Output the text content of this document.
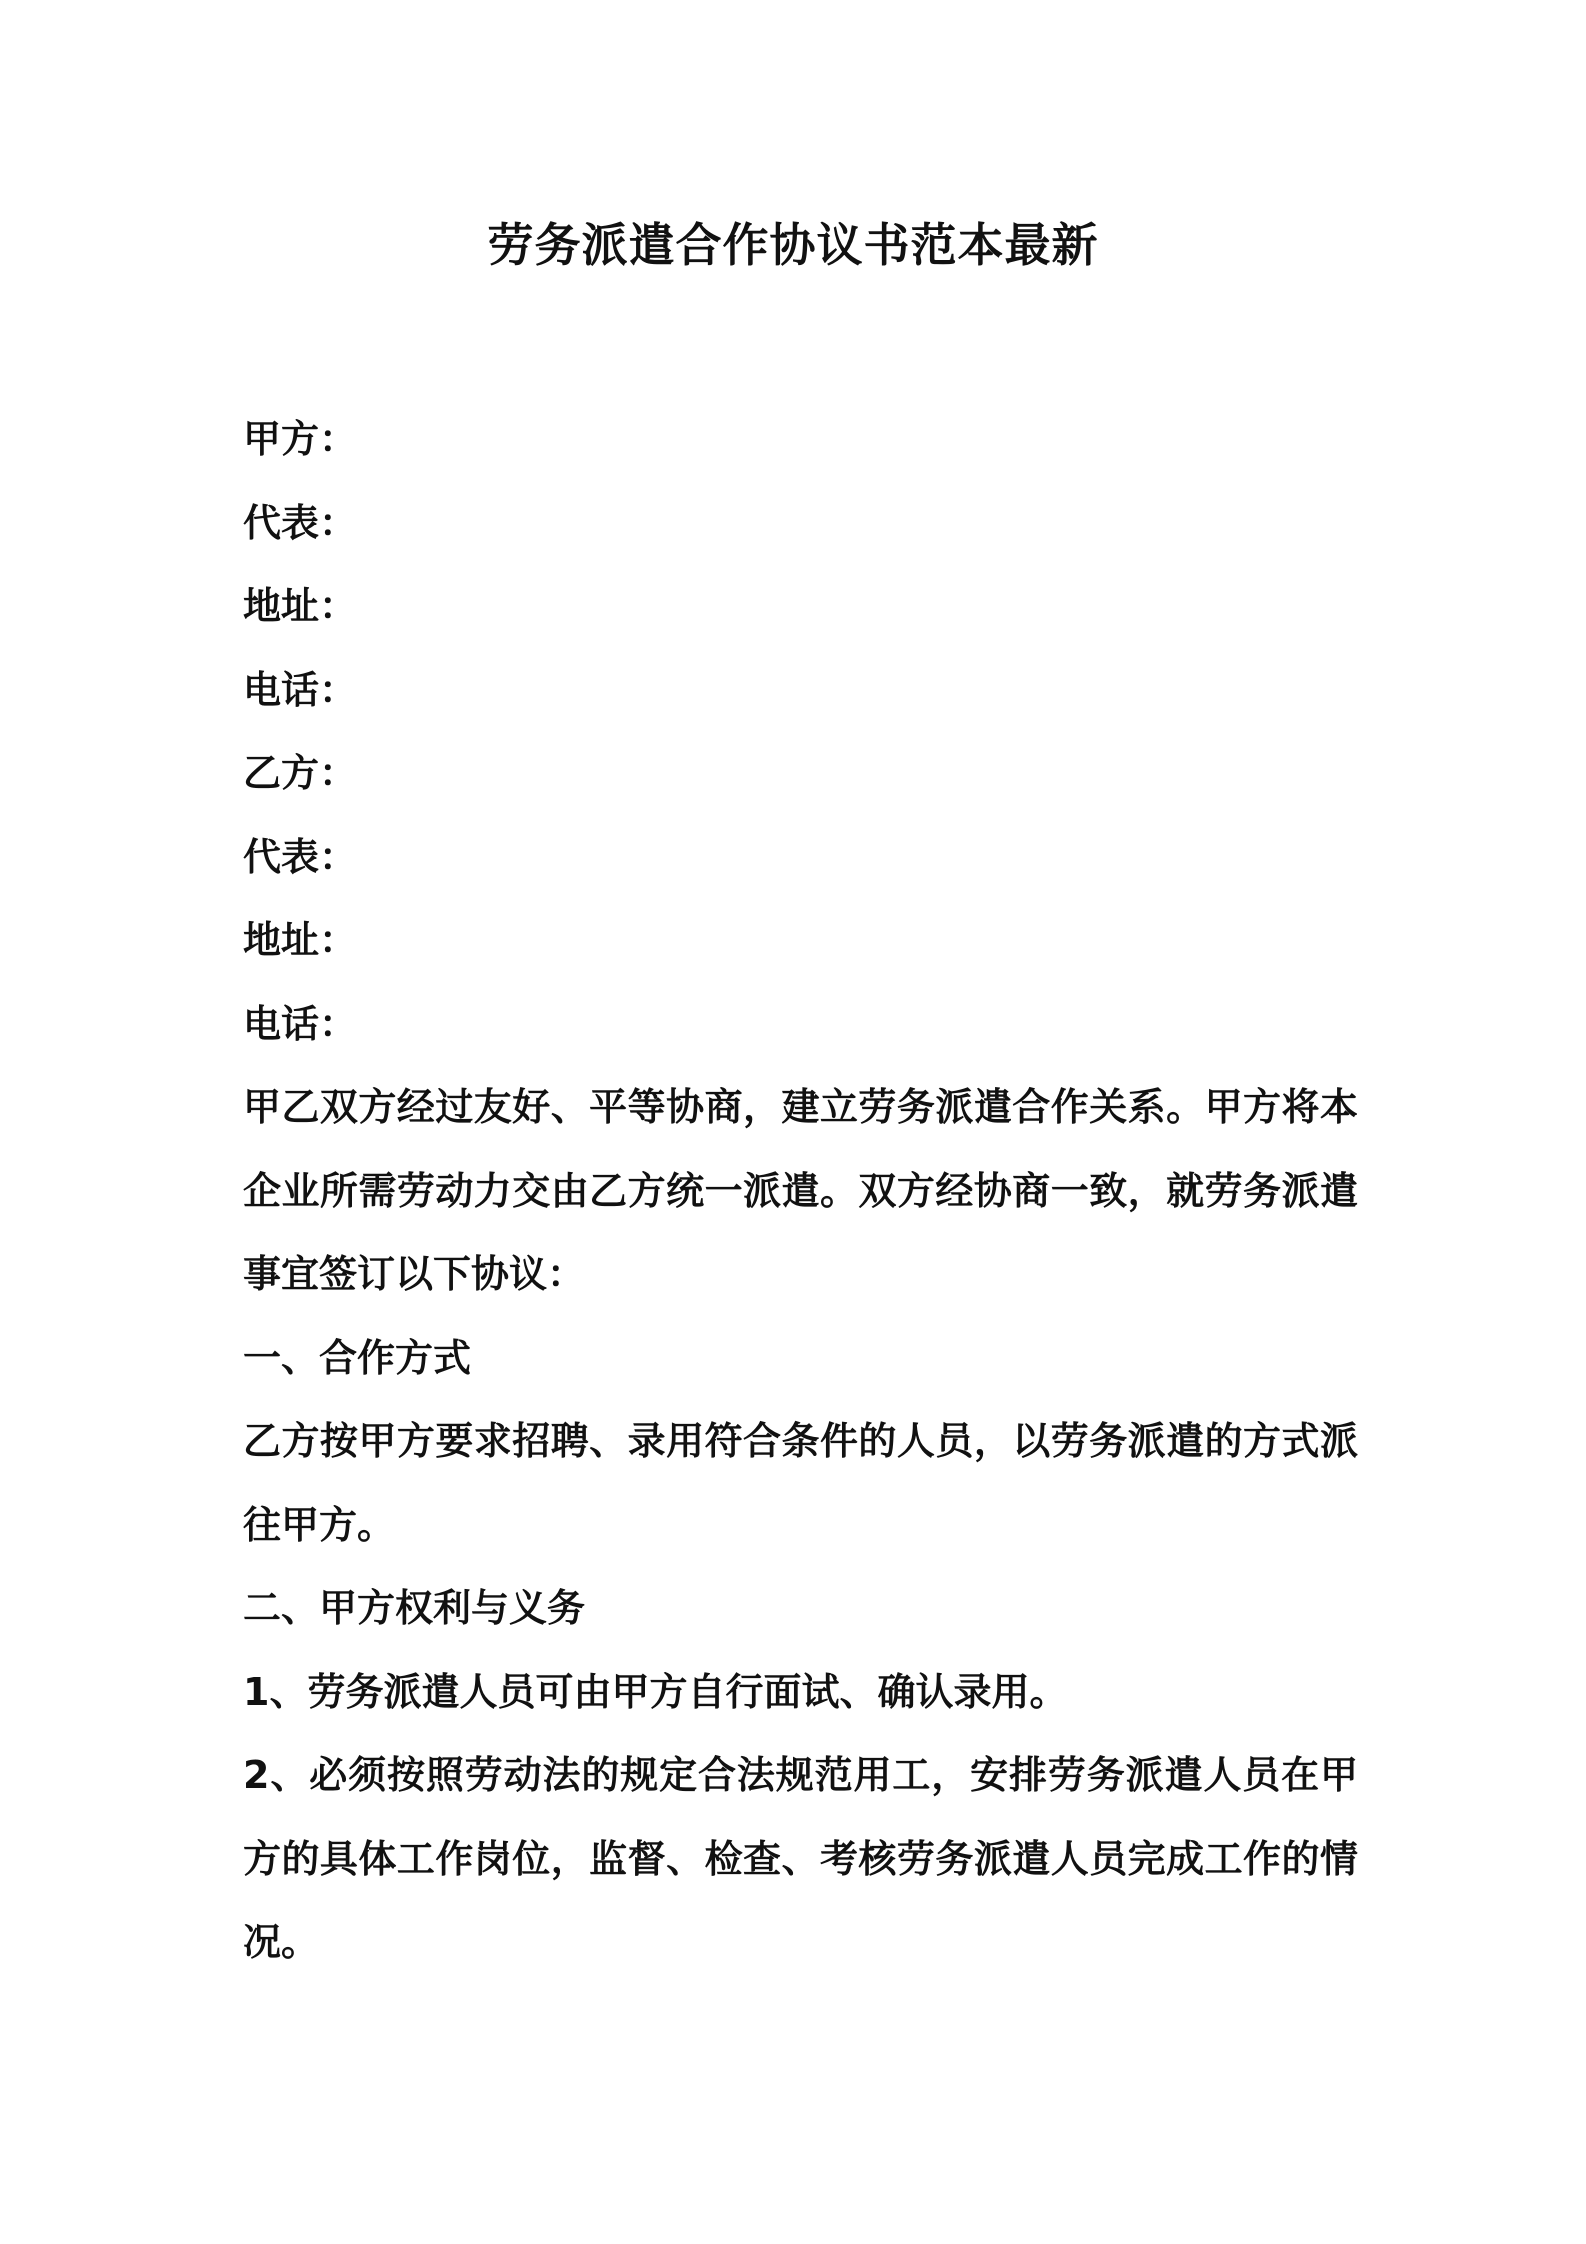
劳务派遣合作协议书范本最新

甲方：

代表：

地址：

电话：

乙方：

代表：

地址：

电话：

甲乙双方经过友好、平等协商，建立劳务派遣合作关系。甲方将本企业所需劳动力交由乙方统一派遣。双方经协商一致，就劳务派遣事宜签订以下协议：

一、合作方式

乙方按甲方要求招聘、录用符合条件的人员，以劳务派遣的方式派往甲方。

二、甲方权利与义务

1、劳务派遣人员可由甲方自行面试、确认录用。

2、必须按照劳动法的规定合法规范用工，安排劳务派遣人员在甲方的具体工作岗位，监督、检查、考核劳务派遣人员完成工作的情况。
